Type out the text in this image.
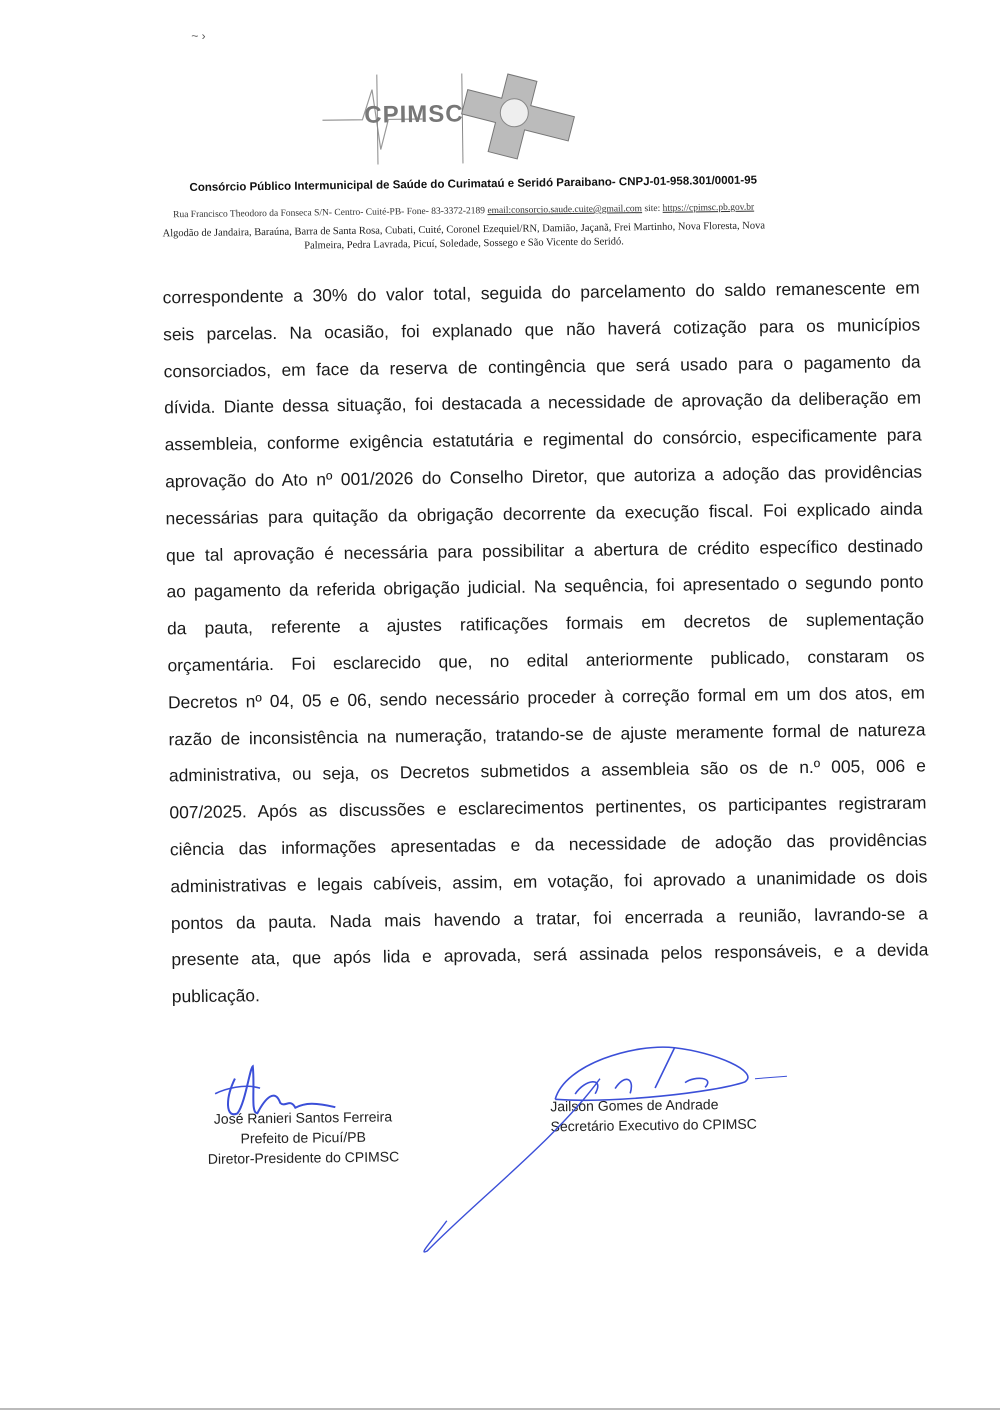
~ ›
CPIMSC
Consórcio Público Intermunicipal de Saúde do Curimataú e Seridó Paraibano- CNPJ-01-958.301/0001-95
Rua Francisco Theodoro da Fonseca S/N- Centro- Cuité-PB- Fone- 83-3372-2189 email:consorcio.saude.cuite@gmail.com site: https://cpimsc.pb.gov.br
Algodão de Jandaira, Baraúna, Barra de Santa Rosa, Cubati, Cuité, Coronel Ezequiel/RN, Damião, Jaçanã, Frei Martinho, Nova Floresta, Nova
Palmeira, Pedra Lavrada, Picuí, Soledade, Sossego e São Vicente do Seridó.
correspondente a 30% do valor total, seguida do parcelamento do saldo remanescente em
seis parcelas. Na ocasião, foi explanado que não haverá cotização para os municípios
consorciados, em face da reserva de contingência que será usado para o pagamento da
dívida. Diante dessa situação, foi destacada a necessidade de aprovação da deliberação em
assembleia, conforme exigência estatutária e regimental do consórcio, especificamente para
aprovação do Ato nº 001/2026 do Conselho Diretor, que autoriza a adoção das providências
necessárias para quitação da obrigação decorrente da execução fiscal. Foi explicado ainda
que tal aprovação é necessária para possibilitar a abertura de crédito específico destinado
ao pagamento da referida obrigação judicial. Na sequência, foi apresentado o segundo ponto
da pauta, referente a ajustes ratificações formais em decretos de suplementação
orçamentária. Foi esclarecido que, no edital anteriormente publicado, constaram os
Decretos nº 04, 05 e 06, sendo necessário proceder à correção formal em um dos atos, em
razão de inconsistência na numeração, tratando-se de ajuste meramente formal de natureza
administrativa, ou seja, os Decretos submetidos a assembleia são os de n.º 005, 006 e
007/2025. Após as discussões e esclarecimentos pertinentes, os participantes registraram
ciência das informações apresentadas e da necessidade de adoção das providências
administrativas e legais cabíveis, assim, em votação, foi aprovado a unanimidade os dois
pontos da pauta. Nada mais havendo a tratar, foi encerrada a reunião, lavrando-se a
presente ata, que após lida e aprovada, será assinada pelos responsáveis, e a devida
publicação.
José Ranieri Santos Ferreira
Prefeito de Picuí/PB
Diretor-Presidente do CPIMSC
Jailson Gomes de Andrade
Secretário Executivo do CPIMSC
